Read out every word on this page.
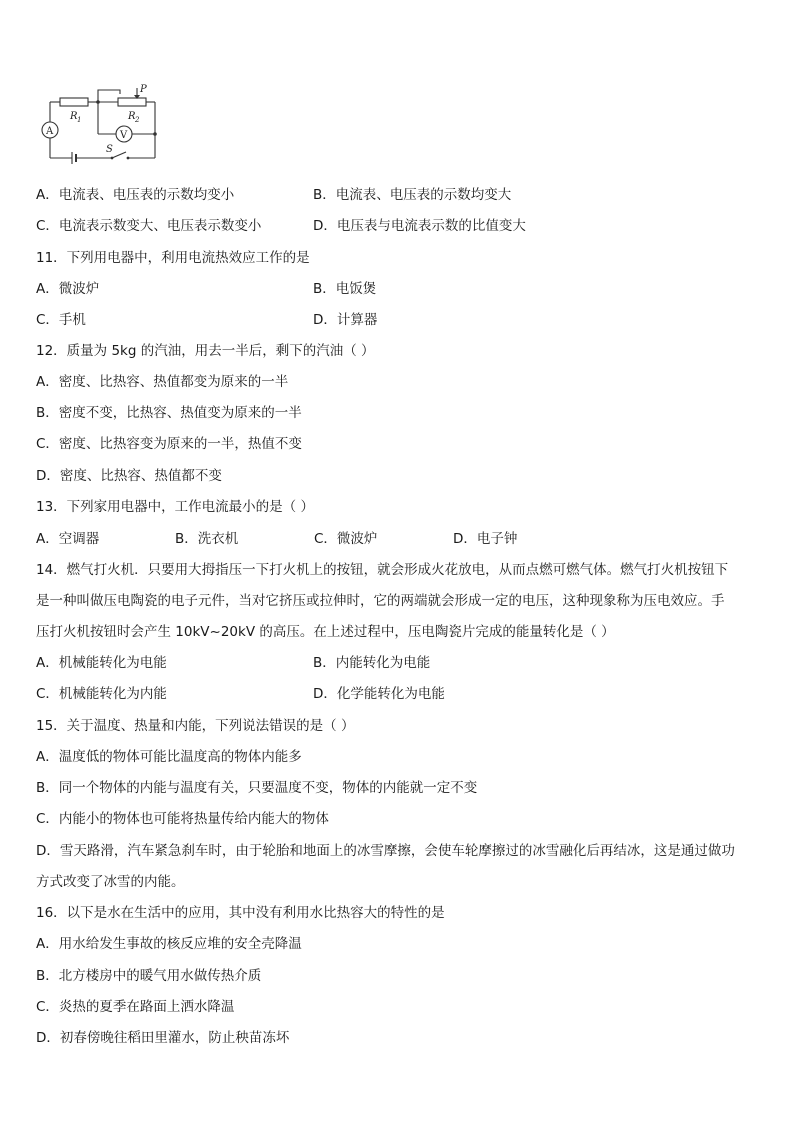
A	V
R 1	R 2
P
S
A．电流表、电压表的示数均变小	B．电流表、电压表的示数均变大
C．电流表示数变大、电压表示数变小	D．电压表与电流表示数的比值变大
11．下列用电器中，利用电流热效应工作的是
A．微波炉	B．电饭煲
C．手机	D．计算器
12．质量为 5kg 的汽油，用去一半后，剩下的汽油（ ）
A．密度、比热容、热值都变为原来的一半
B．密度不变，比热容、热值变为原来的一半
C．密度、比热容变为原来的一半，热值不变
D．密度、比热容、热值都不变
13．下列家用电器中，工作电流最小的是（ ）
A．空调器	B．洗衣机	C．微波炉	D．电子钟
14．燃气打火机．只要用大拇指压一下打火机上的按钮，就会形成火花放电，从而点燃可燃气体。燃气打火机按钮下
是一种叫做压电陶瓷的电子元件，当对它挤压或拉伸时，它的两端就会形成一定的电压，这种现象称为压电效应。手
压打火机按钮时会产生 10kV~20kV 的高压。在上述过程中，压电陶瓷片完成的能量转化是（ ）
A．机械能转化为电能	B．内能转化为电能
C．机械能转化为内能	D．化学能转化为电能
15．关于温度、热量和内能，下列说法错误的是（ ）
A．温度低的物体可能比温度高的物体内能多
B．同一个物体的内能与温度有关，只要温度不变，物体的内能就一定不变
C．内能小的物体也可能将热量传给内能大的物体
D．雪天路滑，汽车紧急刹车时，由于轮胎和地面上的冰雪摩擦，会使车轮摩擦过的冰雪融化后再结冰，这是通过做功
方式改变了冰雪的内能。
16．以下是水在生活中的应用，其中没有利用水比热容大的特性的是
A．用水给发生事故的核反应堆的安全壳降温
B．北方楼房中的暖气用水做传热介质
C．炎热的夏季在路面上洒水降温
D．初春傍晚往稻田里灌水，防止秧苗冻坏
